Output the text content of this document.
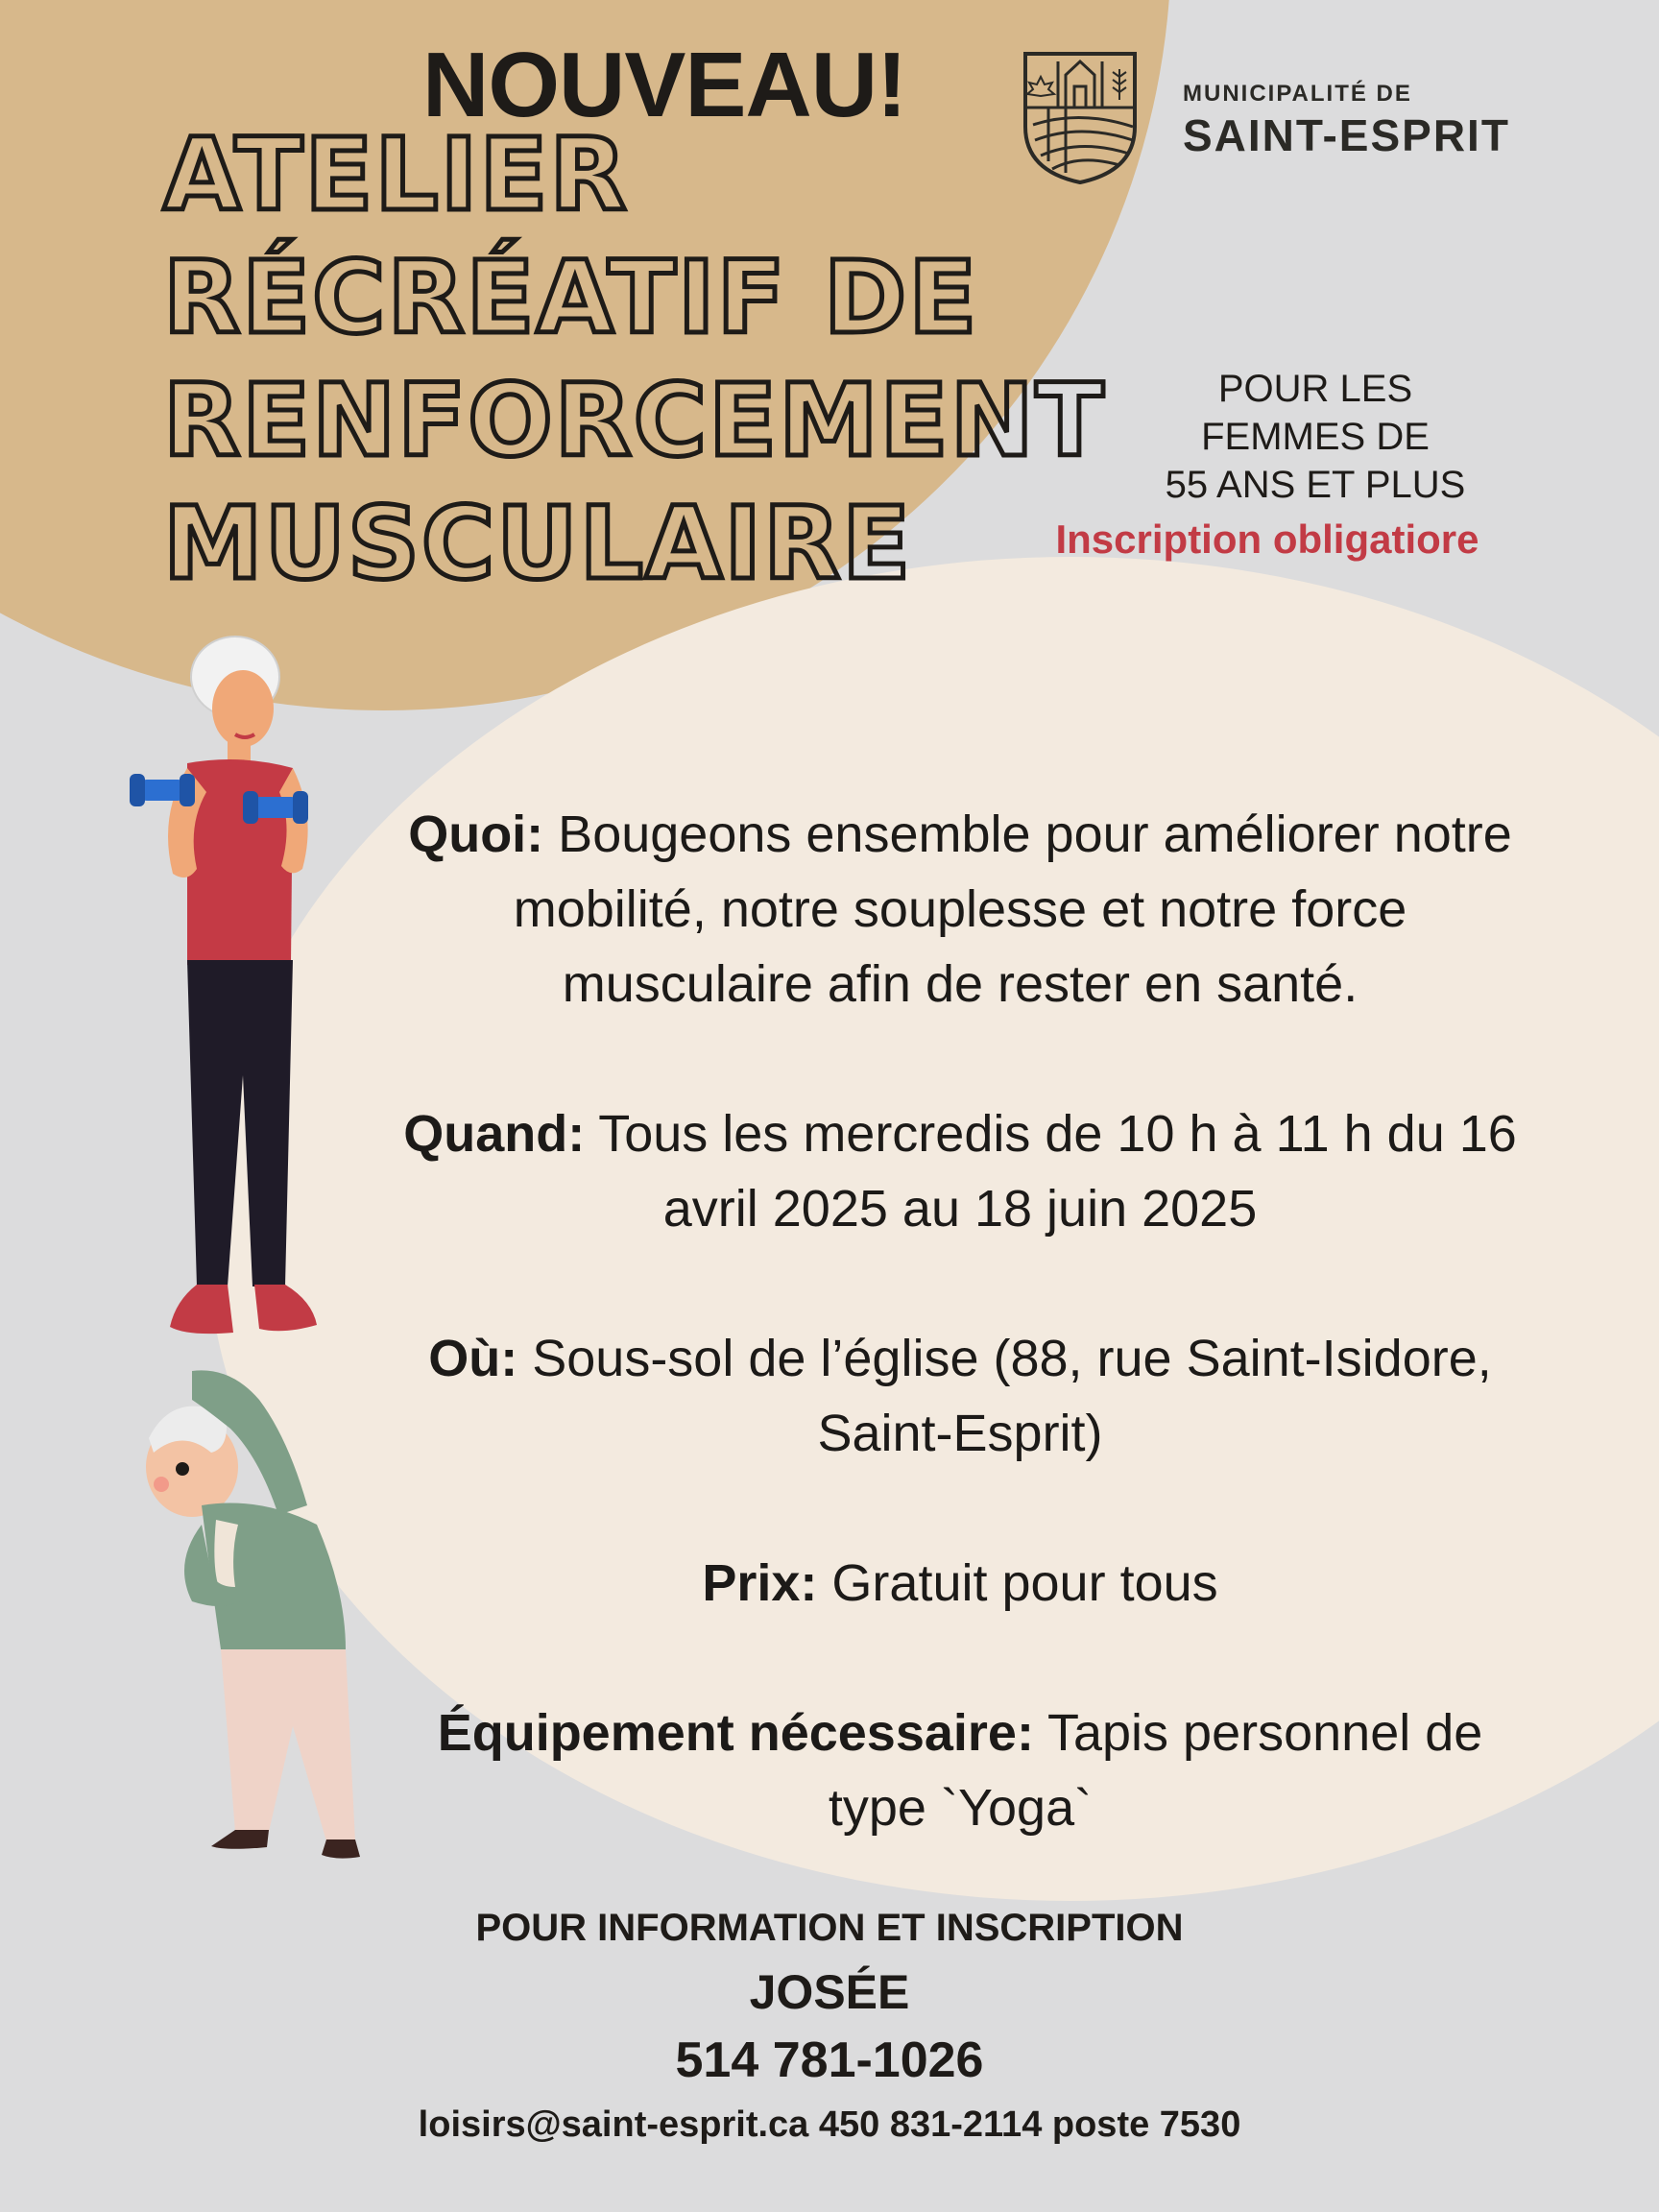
NOUVEAU!
ATELIER
RÉCRÉATIF DE
RENFORCEMENT
MUSCULAIRE
MUNICIPALITÉ DE
SAINT-ESPRIT
POUR LES
FEMMES DE
55 ANS ET PLUS
Inscription obligatiore

Quoi: Bougeons ensemble pour améliorer notre mobilité, notre souplesse et notre force musculaire afin de rester en santé.

Quand: Tous les mercredis de 10 h à 11 h du 16 avril 2025 au 18 juin 2025

Où: Sous-sol de l’église (88, rue Saint-Isidore, Saint-Esprit)

Prix: Gratuit pour tous

Équipement nécessaire: Tapis personnel de type `Yoga`

POUR INFORMATION ET INSCRIPTION
JOSÉE
514 781-1026
loisirs@saint-esprit.ca 450 831-2114 poste 7530
